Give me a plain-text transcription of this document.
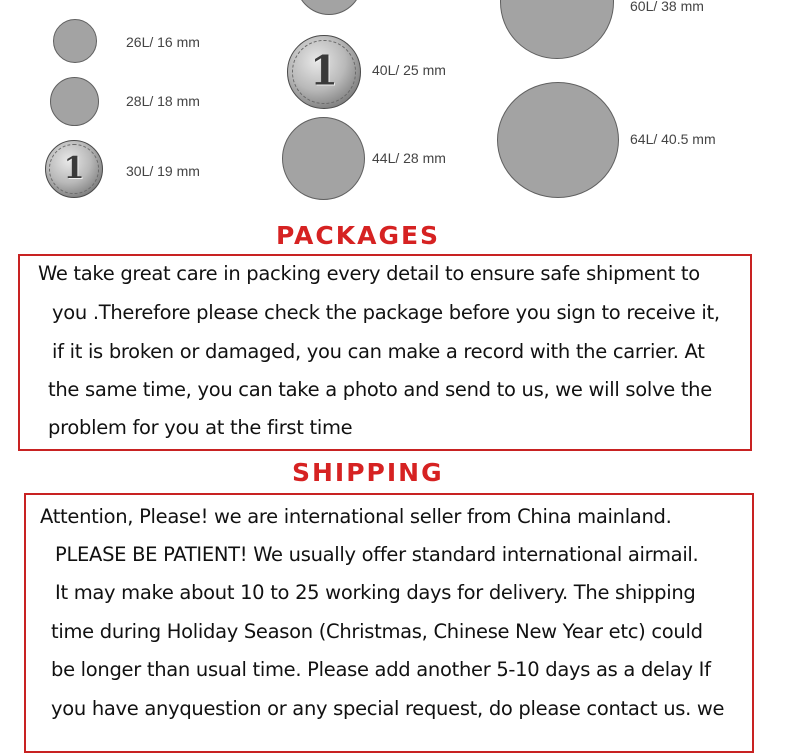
26L/ 16 mm
28L/ 18 mm
1	30L/ 19 mm
1	40L/ 25 mm
44L/ 28 mm
60L/ 38 mm
64L/ 40.5 mm
PACKAGES
We take great care in packing every detail to ensure safe shipment to
you .Therefore please check the package before you sign to receive it,
if it is broken or damaged, you can make a record with the carrier. At
the same time, you can take a photo and send to us, we will solve the
problem for you at the first time
SHIPPING
Attention, Please! we are international seller from China mainland.
PLEASE BE PATIENT! We usually offer standard international airmail.
It may make about 10 to 25 working days for delivery. The shipping
time during Holiday Season (Christmas, Chinese New Year etc) could
be longer than usual time. Please add another 5-10 days as a delay If
you have anyquestion or any special request, do please contact us. we
